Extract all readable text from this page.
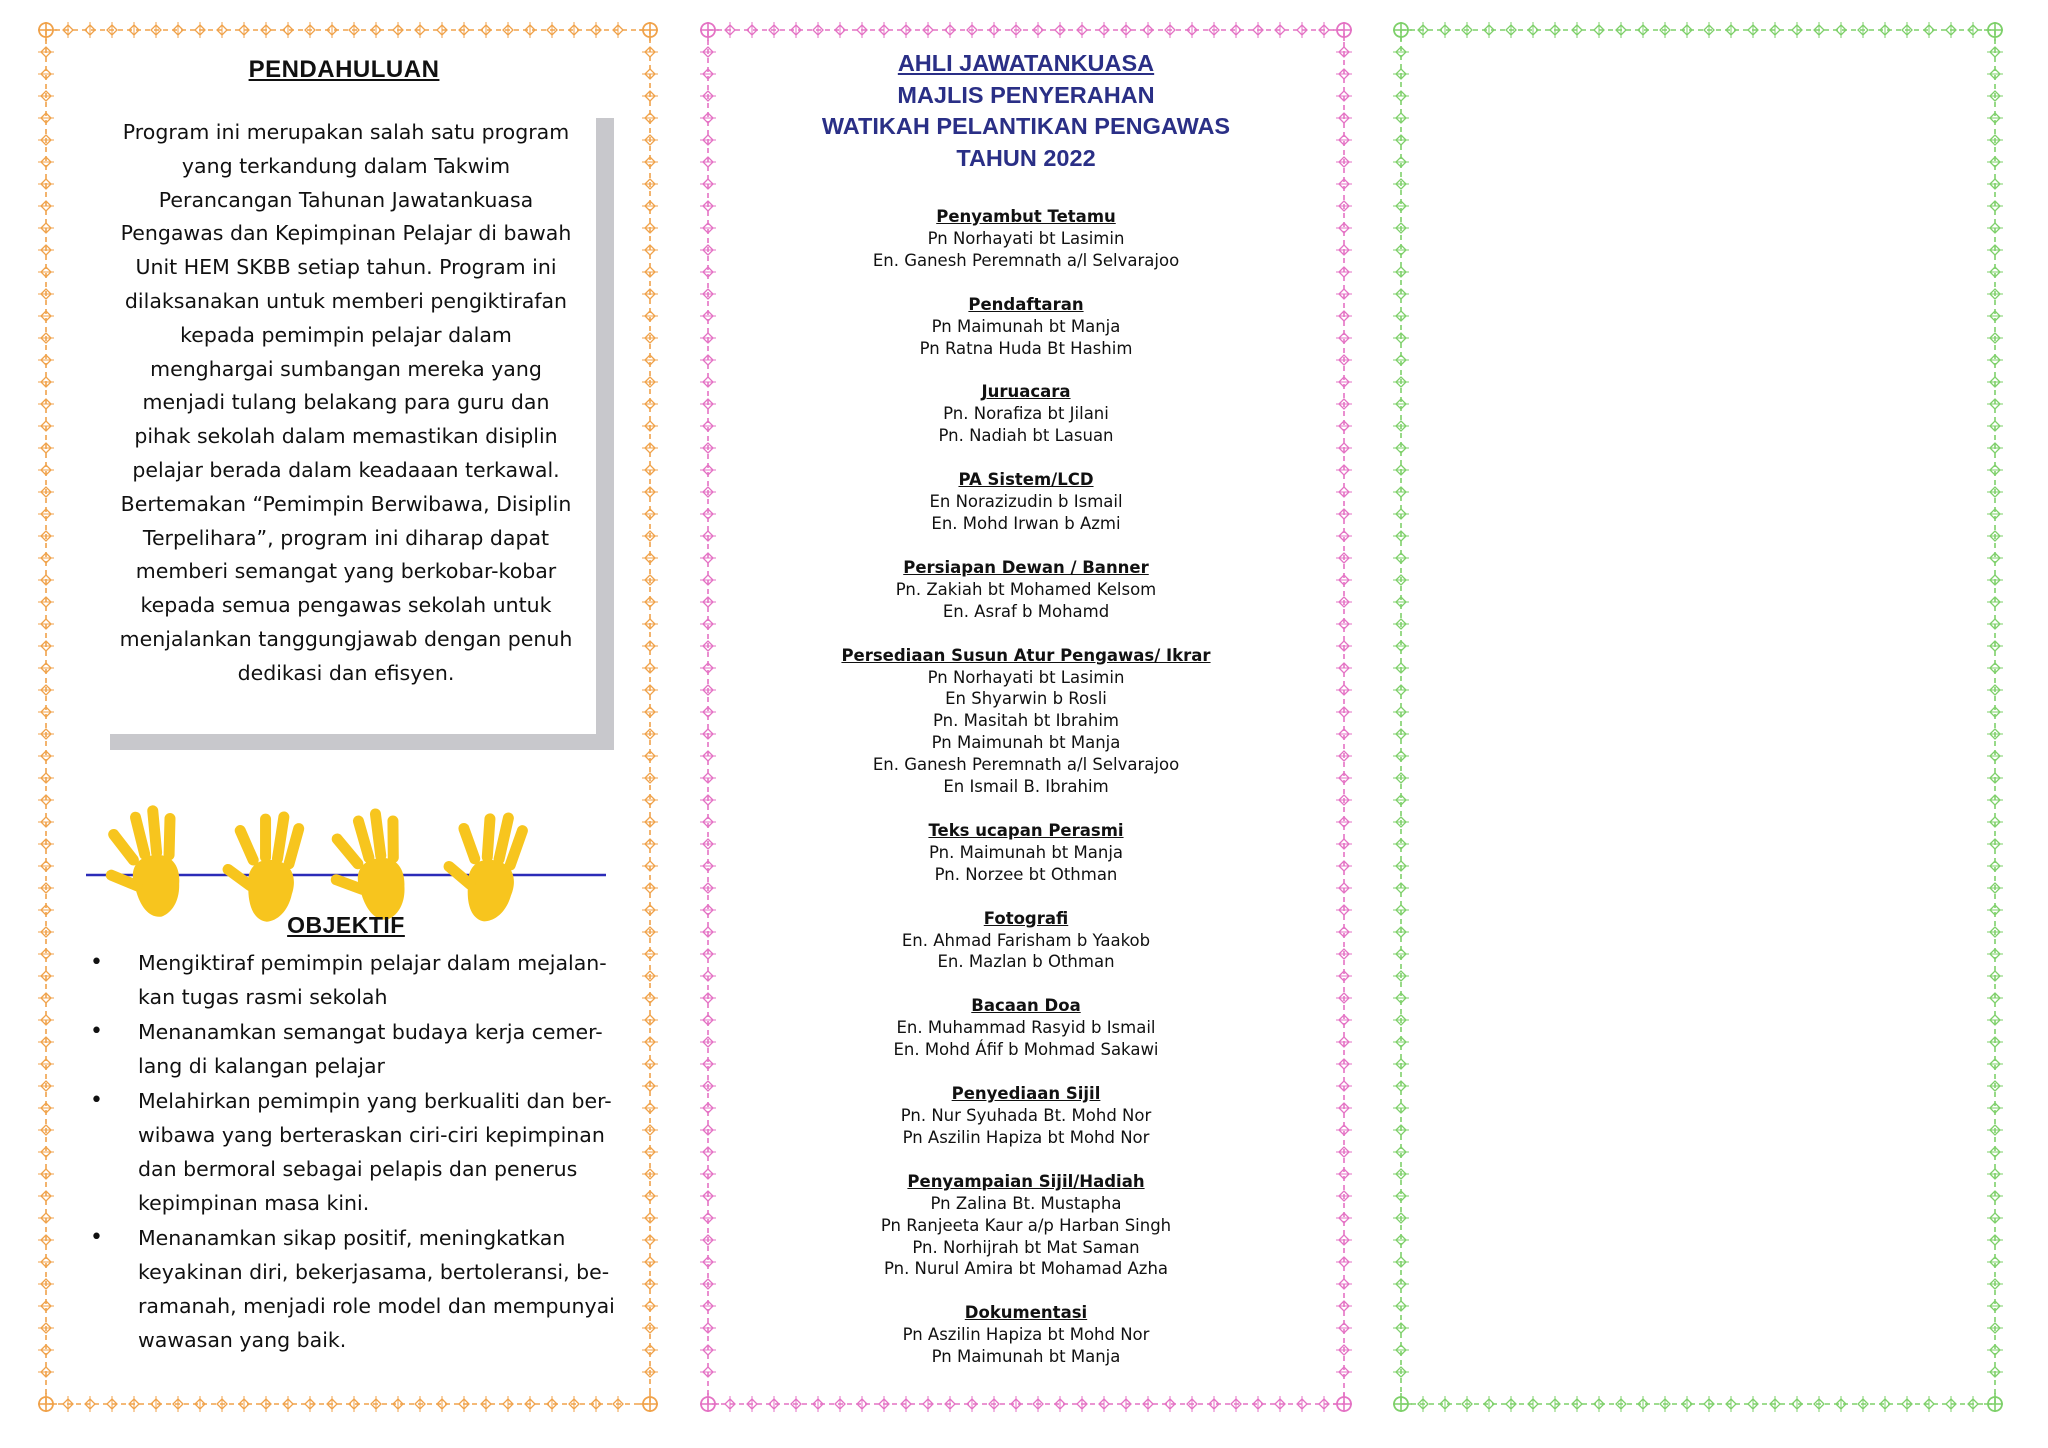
PENDAHULUAN
Program ini merupakan salah satu program
yang terkandung dalam Takwim
Perancangan Tahunan Jawatankuasa
Pengawas dan Kepimpinan Pelajar di bawah
Unit HEM SKBB setiap tahun. Program ini
dilaksanakan untuk memberi pengiktirafan
kepada pemimpin pelajar dalam
menghargai sumbangan mereka yang
menjadi tulang belakang para guru dan
pihak sekolah dalam memastikan disiplin
pelajar berada dalam keadaaan terkawal.
Bertemakan “Pemimpin Berwibawa, Disiplin
Terpelihara”, program ini diharap dapat
memberi semangat yang berkobar-kobar
kepada semua pengawas sekolah untuk
menjalankan tanggungjawab dengan penuh
dedikasi dan efisyen.
OBJEKTIF
• Mengiktiraf pemimpin pelajar dalam mejalan-
kan tugas rasmi sekolah
• Menanamkan semangat budaya kerja cemer-
lang di kalangan pelajar
• Melahirkan pemimpin yang berkualiti dan ber-
wibawa yang berteraskan ciri-ciri kepimpinan
dan bermoral sebagai pelapis dan penerus
kepimpinan masa kini.
• Menanamkan sikap positif, meningkatkan
keyakinan diri, bekerjasama, bertoleransi, be-
ramanah, menjadi role model dan mempunyai
wawasan yang baik.
AHLI JAWATANKUASA
MAJLIS PENYERAHAN
WATIKAH PELANTIKAN PENGAWAS
TAHUN 2022
Penyambut Tetamu
Pn Norhayati bt Lasimin
En. Ganesh Peremnath a/l Selvarajoo
Pendaftaran
Pn Maimunah bt Manja
Pn Ratna Huda Bt Hashim
Juruacara
Pn. Norafiza bt Jilani
Pn. Nadiah bt Lasuan
PA Sistem/LCD
En Norazizudin b Ismail
En. Mohd Irwan b Azmi
Persiapan Dewan / Banner
Pn. Zakiah bt Mohamed Kelsom
En. Asraf b Mohamd
Persediaan Susun Atur Pengawas/ Ikrar
Pn Norhayati bt Lasimin
En Shyarwin b Rosli
Pn. Masitah bt Ibrahim
Pn Maimunah bt Manja
En. Ganesh Peremnath a/l Selvarajoo
En Ismail B. Ibrahim
Teks ucapan Perasmi
Pn. Maimunah bt Manja
Pn. Norzee bt Othman
Fotografi
En. Ahmad Farisham b Yaakob
En. Mazlan b Othman
Bacaan Doa
En. Muhammad Rasyid b Ismail
En. Mohd Áfif b Mohmad Sakawi
Penyediaan Sijil
Pn. Nur Syuhada Bt. Mohd Nor
Pn Aszilin Hapiza bt Mohd Nor
Penyampaian Sijil/Hadiah
Pn Zalina Bt. Mustapha
Pn Ranjeeta Kaur a/p Harban Singh
Pn. Norhijrah bt Mat Saman
Pn. Nurul Amira bt Mohamad Azha
Dokumentasi
Pn Aszilin Hapiza bt Mohd Nor
Pn Maimunah bt Manja
